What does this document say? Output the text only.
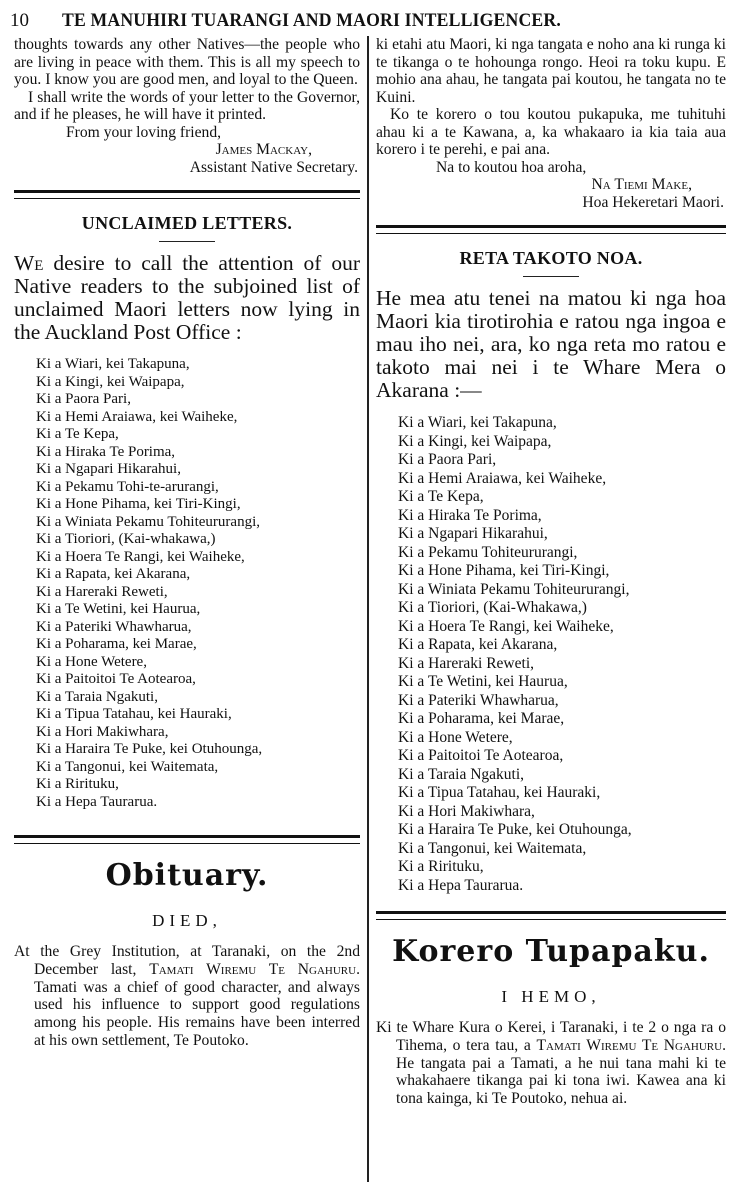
10 TE MANUHIRI TUARANGI AND MAORI INTELLIGENCER.

thoughts towards any other Natives—the people who are living in peace with them. This is all my speech to you. I know you are good men, and loyal to the Queen.

I shall write the words of your letter to the Governor, and if he pleases, he will have it printed.

From your loving friend,

James Mackay,

Assistant Native Secretary.

UNCLAIMED LETTERS.

We desire to call the attention of our Native readers to the subjoined list of unclaimed Maori letters now lying in the Auckland Post Office :

Ki a Wiari, kei Takapuna,
Ki a Kingi, kei Waipapa,
Ki a Paora Pari,
Ki a Hemi Araiawa, kei Waiheke,
Ki a Te Kepa,
Ki a Hiraka Te Porima,
Ki a Ngapari Hikarahui,
Ki a Pekamu Tohi-te-arurangi,
Ki a Hone Pihama, kei Tiri-Kingi,
Ki a Winiata Pekamu Tohiteururangi,
Ki a Tioriori, (Kai-whakawa,)
Ki a Hoera Te Rangi, kei Waiheke,
Ki a Rapata, kei Akarana,
Ki a Hareraki Reweti,
Ki a Te Wetini, kei Haurua,
Ki a Pateriki Whawharua,
Ki a Poharama, kei Marae,
Ki a Hone Wetere,
Ki a Paitoitoi Te Aotearoa,
Ki a Taraia Ngakuti,
Ki a Tipua Tatahau, kei Hauraki,
Ki a Hori Makiwhara,
Ki a Haraira Te Puke, kei Otuhounga,
Ki a Tangonui, kei Waitemata,
Ki a Rirituku,
Ki a Hepa Taurarua.
Obituary.
DIED,

At the Grey Institution, at Taranaki, on the 2nd December last, Tamati Wiremu Te Ngahuru. Tamati was a chief of good character, and always used his influence to support good regulations among his people. His remains have been interred at his own settlement, Te Poutoko.

ki etahi atu Maori, ki nga tangata e noho ana ki runga ki te tikanga o te hohounga rongo. Heoi ra toku kupu. E mohio ana ahau, he tangata pai koutou, he tangata no te Kuini.

Ko te korero o tou koutou pukapuka, me tuhituhi ahau ki a te Kawana, a, ka whakaaro ia kia taia aua korero i te perehi, e pai ana.

Na to koutou hoa aroha,

Na Tiemi Make,

Hoa Hekeretari Maori.

RETA TAKOTO NOA.

He mea atu tenei na matou ki nga hoa Maori kia tirotirohia e ratou nga ingoa e mau iho nei, ara, ko nga reta mo ratou e takoto mai nei i te Whare Mera o Akarana :—

Ki a Wiari, kei Takapuna,
Ki a Kingi, kei Waipapa,
Ki a Paora Pari,
Ki a Hemi Araiawa, kei Waiheke,
Ki a Te Kepa,
Ki a Hiraka Te Porima,
Ki a Ngapari Hikarahui,
Ki a Pekamu Tohiteururangi,
Ki a Hone Pihama, kei Tiri-Kingi,
Ki a Winiata Pekamu Tohiteururangi,
Ki a Tioriori, (Kai-Whakawa,)
Ki a Hoera Te Rangi, kei Waiheke,
Ki a Rapata, kei Akarana,
Ki a Hareraki Reweti,
Ki a Te Wetini, kei Haurua,
Ki a Pateriki Whawharua,
Ki a Poharama, kei Marae,
Ki a Hone Wetere,
Ki a Paitoitoi Te Aotearoa,
Ki a Taraia Ngakuti,
Ki a Tipua Tatahau, kei Hauraki,
Ki a Hori Makiwhara,
Ki a Haraira Te Puke, kei Otuhounga,
Ki a Tangonui, kei Waitemata,
Ki a Rirituku,
Ki a Hepa Taurarua.
Korero Tupapaku.
I HEMO,

Ki te Whare Kura o Kerei, i Taranaki, i te 2 o nga ra o Tihema, o tera tau, a Tamati Wiremu Te Ngahuru. He tangata pai a Tamati, a he nui tana mahi ki te whakahaere tikanga pai ki tona iwi. Kawea ana ki tona kainga, ki Te Poutoko, nehua ai.
